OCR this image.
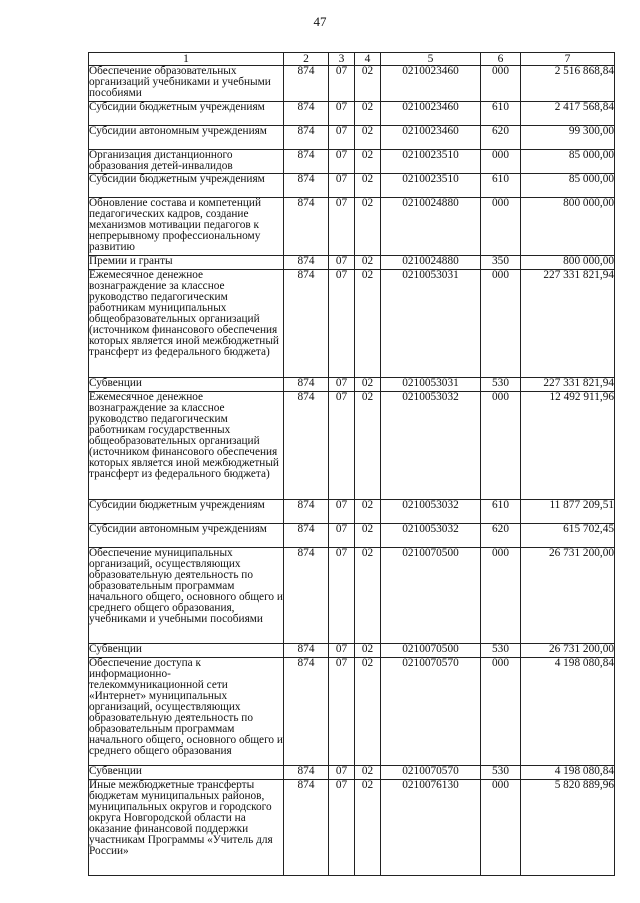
47
1	2	3	4	5	6	7
Обеспечение образовательных организаций учебниками и учебными пособиями	874	07	02	0210023460	000	2 516 868,84
Субсидии бюджетным учреждениям	874	07	02	0210023460	610	2 417 568,84
Субсидии автономным учреждениям	874	07	02	0210023460	620	99 300,00
Организация дистанционного образования детей-инвалидов	874	07	02	0210023510	000	85 000,00
Субсидии бюджетным учреждениям	874	07	02	0210023510	610	85 000,00
Обновление состава и компетенций педагогических кадров, создание механизмов мотивации педагогов к непрерывному профессиональному развитию	874	07	02	0210024880	000	800 000,00
Премии и гранты	874	07	02	0210024880	350	800 000,00
Ежемесячное денежное вознаграждение за классное руководство педагогическим работникам муниципальных общеобразовательных организаций (источником финансового обеспечения которых является иной межбюджетный трансферт из федерального бюджета)	874	07	02	0210053031	000	227 331 821,94
Субвенции	874	07	02	0210053031	530	227 331 821,94
Ежемесячное денежное вознаграждение за классное руководство педагогическим работникам государственных общеобразовательных организаций (источником финансового обеспечения которых является иной межбюджетный трансферт из федерального бюджета)	874	07	02	0210053032	000	12 492 911,96
Субсидии бюджетным учреждениям	874	07	02	0210053032	610	11 877 209,51
Субсидии автономным учреждениям	874	07	02	0210053032	620	615 702,45
Обеспечение муниципальных организаций, осуществляющих образовательную деятельность по образовательным программам начального общего, основного общего и среднего общего образования, учебниками и учебными пособиями	874	07	02	0210070500	000	26 731 200,00
Субвенции	874	07	02	0210070500	530	26 731 200,00
Обеспечение доступа к информационно-телекоммуникационной сети «Интернет» муниципальных организаций, осуществляющих образовательную деятельность по образовательным программам начального общего, основного общего и среднего общего образования	874	07	02	0210070570	000	4 198 080,84
Субвенции	874	07	02	0210070570	530	4 198 080,84
Иные межбюджетные трансферты бюджетам муниципальных районов, муниципальных округов и городского округа Новгородской области на оказание финансовой поддержки участникам Программы «Учитель для России»	874	07	02	0210076130	000	5 820 889,96
